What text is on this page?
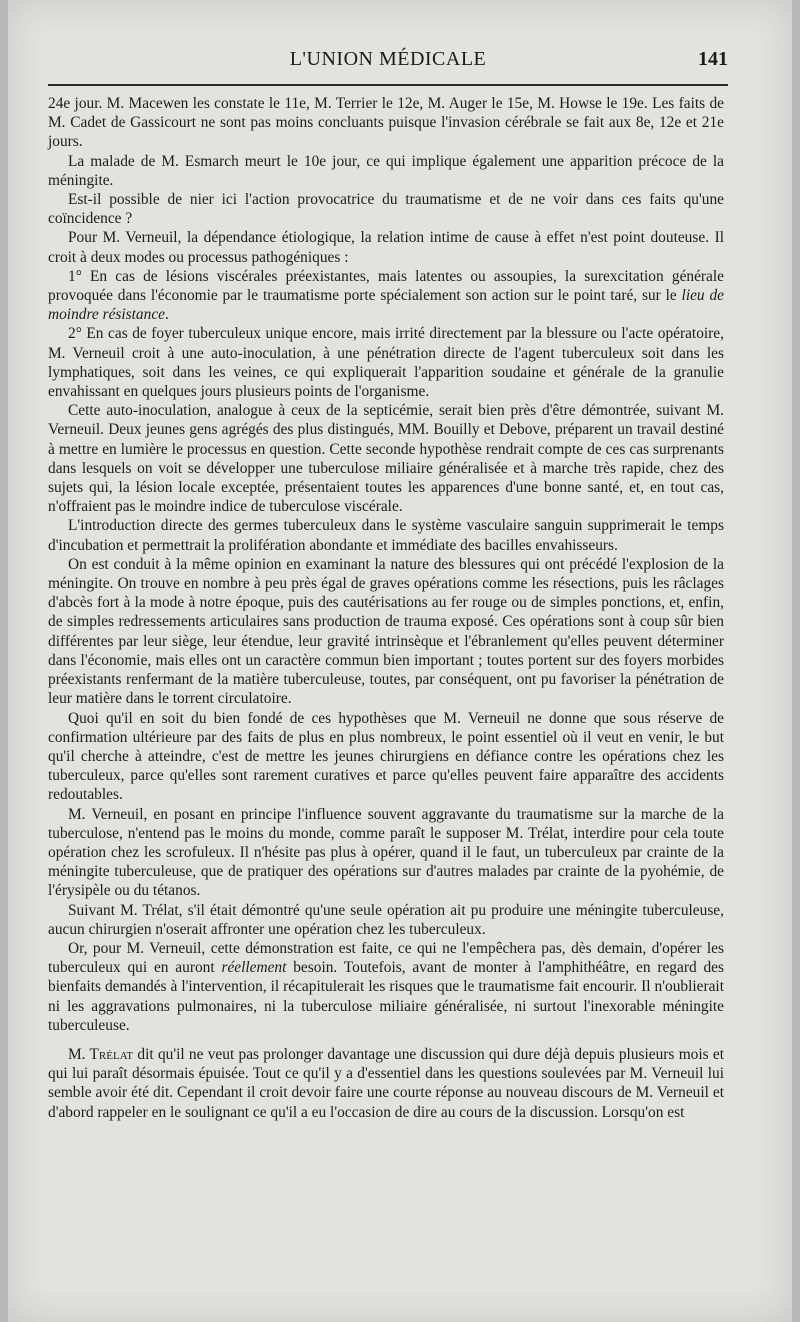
L'UNION MÉDICALE	141

24e jour. M. Macewen les constate le 11e, M. Terrier le 12e, M. Auger le 15e, M. Howse le 19e. Les faits de M. Cadet de Gassicourt ne sont pas moins concluants puisque l'invasion cérébrale se fait aux 8e, 12e et 21e jours.

La malade de M. Esmarch meurt le 10e jour, ce qui implique également une apparition précoce de la méningite.

Est-il possible de nier ici l'action provocatrice du traumatisme et de ne voir dans ces faits qu'une coïncidence ?

Pour M. Verneuil, la dépendance étiologique, la relation intime de cause à effet n'est point douteuse. Il croit à deux modes ou processus pathogéniques :

1° En cas de lésions viscérales préexistantes, mais latentes ou assoupies, la surexcitation générale provoquée dans l'économie par le traumatisme porte spécialement son action sur le point taré, sur le lieu de moindre résistance.

2° En cas de foyer tuberculeux unique encore, mais irrité directement par la blessure ou l'acte opératoire, M. Verneuil croit à une auto-inoculation, à une pénétration directe de l'agent tuberculeux soit dans les lymphatiques, soit dans les veines, ce qui expliquerait l'apparition soudaine et générale de la granulie envahissant en quelques jours plusieurs points de l'organisme.

Cette auto-inoculation, analogue à ceux de la septicémie, serait bien près d'être démontrée, suivant M. Verneuil. Deux jeunes gens agrégés des plus distingués, MM. Bouilly et Debove, préparent un travail destiné à mettre en lumière le processus en question. Cette seconde hypothèse rendrait compte de ces cas surprenants dans lesquels on voit se développer une tuberculose miliaire généralisée et à marche très rapide, chez des sujets qui, la lésion locale exceptée, présentaient toutes les apparences d'une bonne santé, et, en tout cas, n'offraient pas le moindre indice de tuberculose viscérale.

L'introduction directe des germes tuberculeux dans le système vasculaire sanguin supprimerait le temps d'incubation et permettrait la prolifération abondante et immédiate des bacilles envahisseurs.

On est conduit à la même opinion en examinant la nature des blessures qui ont précédé l'explosion de la méningite. On trouve en nombre à peu près égal de graves opérations comme les résections, puis les râclages d'abcès fort à la mode à notre époque, puis des cautérisations au fer rouge ou de simples ponctions, et, enfin, de simples redressements articulaires sans production de trauma exposé. Ces opérations sont à coup sûr bien différentes par leur siège, leur étendue, leur gravité intrinsèque et l'ébranlement qu'elles peuvent déterminer dans l'économie, mais elles ont un caractère commun bien important ; toutes portent sur des foyers morbides préexistants renfermant de la matière tuberculeuse, toutes, par conséquent, ont pu favoriser la pénétration de leur matière dans le torrent circulatoire.

Quoi qu'il en soit du bien fondé de ces hypothèses que M. Verneuil ne donne que sous réserve de confirmation ultérieure par des faits de plus en plus nombreux, le point essentiel où il veut en venir, le but qu'il cherche à atteindre, c'est de mettre les jeunes chirurgiens en défiance contre les opérations chez les tuberculeux, parce qu'elles sont rarement curatives et parce qu'elles peuvent faire apparaître des accidents redoutables.

M. Verneuil, en posant en principe l'influence souvent aggravante du traumatisme sur la marche de la tuberculose, n'entend pas le moins du monde, comme paraît le supposer M. Trélat, interdire pour cela toute opération chez les scrofuleux. Il n'hésite pas plus à opérer, quand il le faut, un tuberculeux par crainte de la méningite tuberculeuse, que de pratiquer des opérations sur d'autres malades par crainte de la pyohémie, de l'érysipèle ou du tétanos.

Suivant M. Trélat, s'il était démontré qu'une seule opération ait pu produire une méningite tuberculeuse, aucun chirurgien n'oserait affronter une opération chez les tuberculeux.

Or, pour M. Verneuil, cette démonstration est faite, ce qui ne l'empêchera pas, dès demain, d'opérer les tuberculeux qui en auront réellement besoin. Toutefois, avant de monter à l'amphithéâtre, en regard des bienfaits demandés à l'intervention, il récapitulerait les risques que le traumatisme fait encourir. Il n'oublierait ni les aggravations pulmonaires, ni la tuberculose miliaire généralisée, ni surtout l'inexorable méningite tuberculeuse.

M. Trélat dit qu'il ne veut pas prolonger davantage une discussion qui dure déjà depuis plusieurs mois et qui lui paraît désormais épuisée. Tout ce qu'il y a d'essentiel dans les questions soulevées par M. Verneuil lui semble avoir été dit. Cependant il croit devoir faire une courte réponse au nouveau discours de M. Verneuil et d'abord rappeler en le soulignant ce qu'il a eu l'occasion de dire au cours de la discussion. Lorsqu'on est
